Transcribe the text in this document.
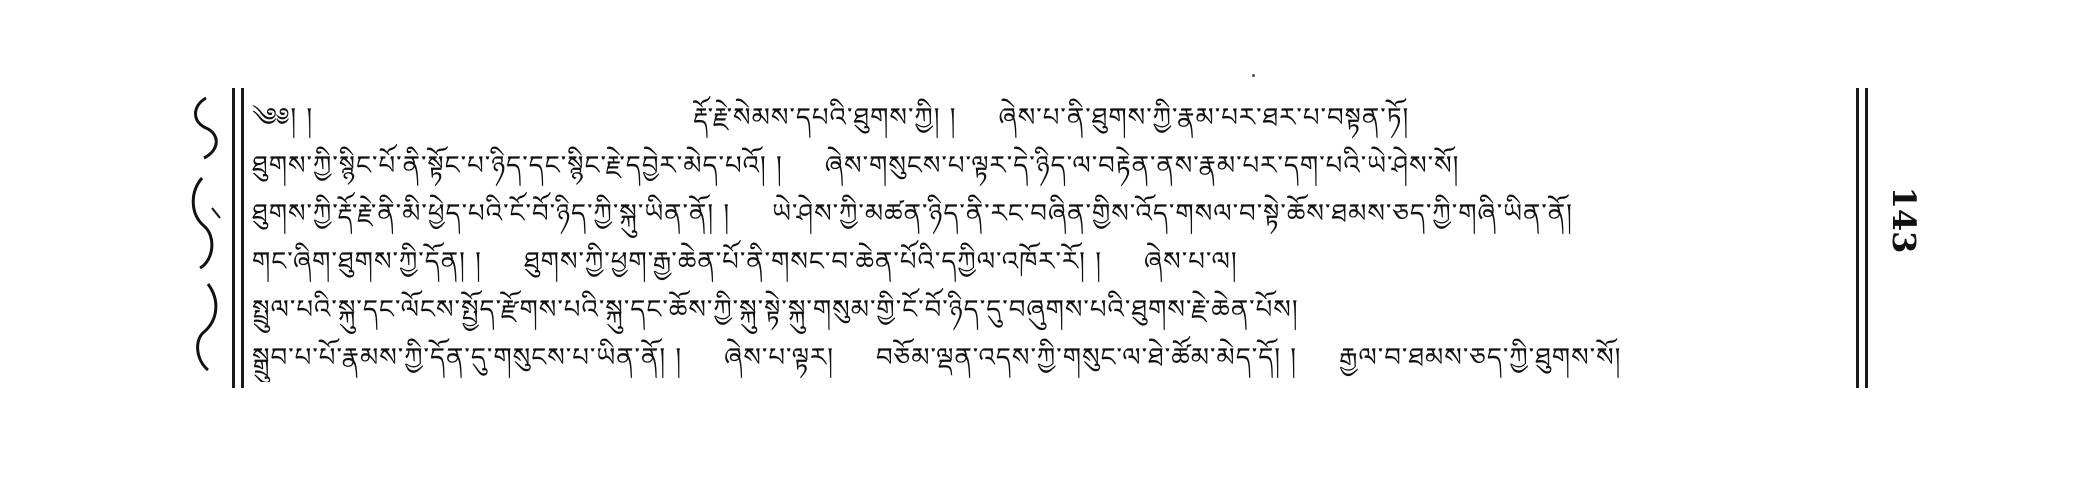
༄༅། །	རྡོ་རྗེ་སེམས་དཔའི་ཐུགས་ཀྱི། ། ཞེས་པ་ནི་ཐུགས་ཀྱི་རྣམ་པར་ཐར་པ་བསྟན་ཏོ།
ཐུགས་ཀྱི་སྙིང་པོ་ནི་སྟོང་པ་ཉིད་དང་སྙིང་རྗེ་དབྱེར་མེད་པའོ། ། ཞེས་གསུངས་པ་ལྟར་དེ་ཉིད་ལ་བརྟེན་ནས་རྣམ་པར་དག་པའི་ཡེ་ཤེས་སོ།
ཐུགས་ཀྱི་རྡོ་རྗེ་ནི་མི་ཕྱེད་པའི་ངོ་བོ་ཉིད་ཀྱི་སྐུ་ཡིན་ནོ། ། ཡེ་ཤེས་ཀྱི་མཚན་ཉིད་ནི་རང་བཞིན་གྱིས་འོད་གསལ་བ་སྟེ་ཆོས་ཐམས་ཅད་ཀྱི་གཞི་ཡིན་ནོ།
གང་ཞིག་ཐུགས་ཀྱི་དོན། ། ཐུགས་ཀྱི་ཕྱག་རྒྱ་ཆེན་པོ་ནི་གསང་བ་ཆེན་པོའི་དཀྱིལ་འཁོར་རོ། ། ཞེས་པ་ལ།
སྤྲུལ་པའི་སྐུ་དང་ལོངས་སྤྱོད་རྫོགས་པའི་སྐུ་དང་ཆོས་ཀྱི་སྐུ་སྟེ་སྐུ་གསུམ་གྱི་ངོ་བོ་ཉིད་དུ་བཞུགས་པའི་ཐུགས་རྗེ་ཆེན་པོས།
སྒྲུབ་པ་པོ་རྣམས་ཀྱི་དོན་དུ་གསུངས་པ་ཡིན་ནོ། ། ཞེས་པ་ལྟར། བཅོམ་ལྡན་འདས་ཀྱི་གསུང་ལ་ཐེ་ཚོམ་མེད་དོ། ། རྒྱལ་བ་ཐམས་ཅད་ཀྱི་ཐུགས་སོ།
143
